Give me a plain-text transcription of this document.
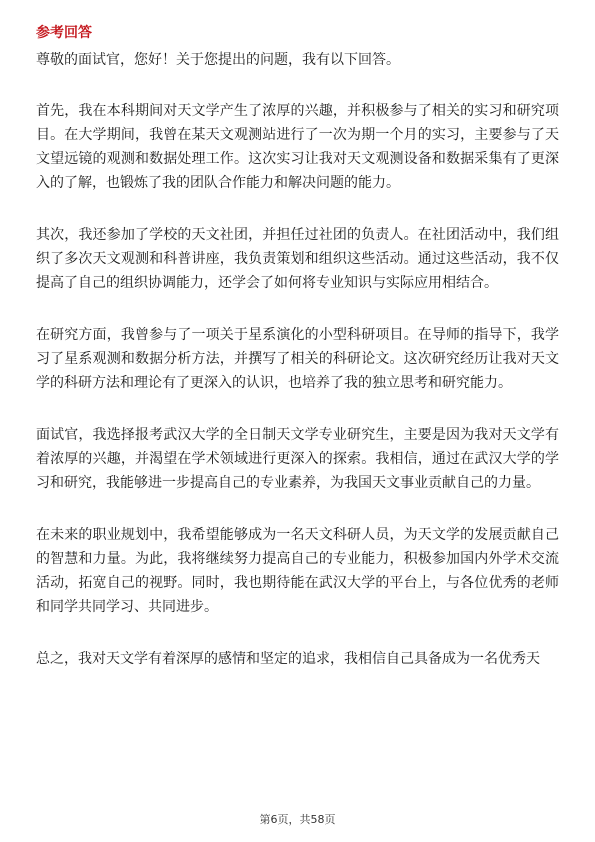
参考回答

尊敬的面试官，您好！关于您提出的问题，我有以下回答。

首先，我在本科期间对天文学产生了浓厚的兴趣，并积极参与了相关的实习和研究项目。在大学期间，我曾在某天文观测站进行了一次为期一个月的实习，主要参与了天文望远镜的观测和数据处理工作。这次实习让我对天文观测设备和数据采集有了更深入的了解，也锻炼了我的团队合作能力和解决问题的能力。

其次，我还参加了学校的天文社团，并担任过社团的负责人。在社团活动中，我们组织了多次天文观测和科普讲座，我负责策划和组织这些活动。通过这些活动，我不仅提高了自己的组织协调能力，还学会了如何将专业知识与实际应用相结合。

在研究方面，我曾参与了一项关于星系演化的小型科研项目。在导师的指导下，我学习了星系观测和数据分析方法，并撰写了相关的科研论文。这次研究经历让我对天文学的科研方法和理论有了更深入的认识，也培养了我的独立思考和研究能力。

面试官，我选择报考武汉大学的全日制天文学专业研究生，主要是因为我对天文学有着浓厚的兴趣，并渴望在学术领域进行更深入的探索。我相信，通过在武汉大学的学习和研究，我能够进一步提高自己的专业素养，为我国天文事业贡献自己的力量。

在未来的职业规划中，我希望能够成为一名天文科研人员，为天文学的发展贡献自己的智慧和力量。为此，我将继续努力提高自己的专业能力，积极参加国内外学术交流活动，拓宽自己的视野。同时，我也期待能在武汉大学的平台上，与各位优秀的老师和同学共同学习、共同进步。

总之，我对天文学有着深厚的感情和坚定的追求，我相信自己具备成为一名优秀天

第6页，共58页
